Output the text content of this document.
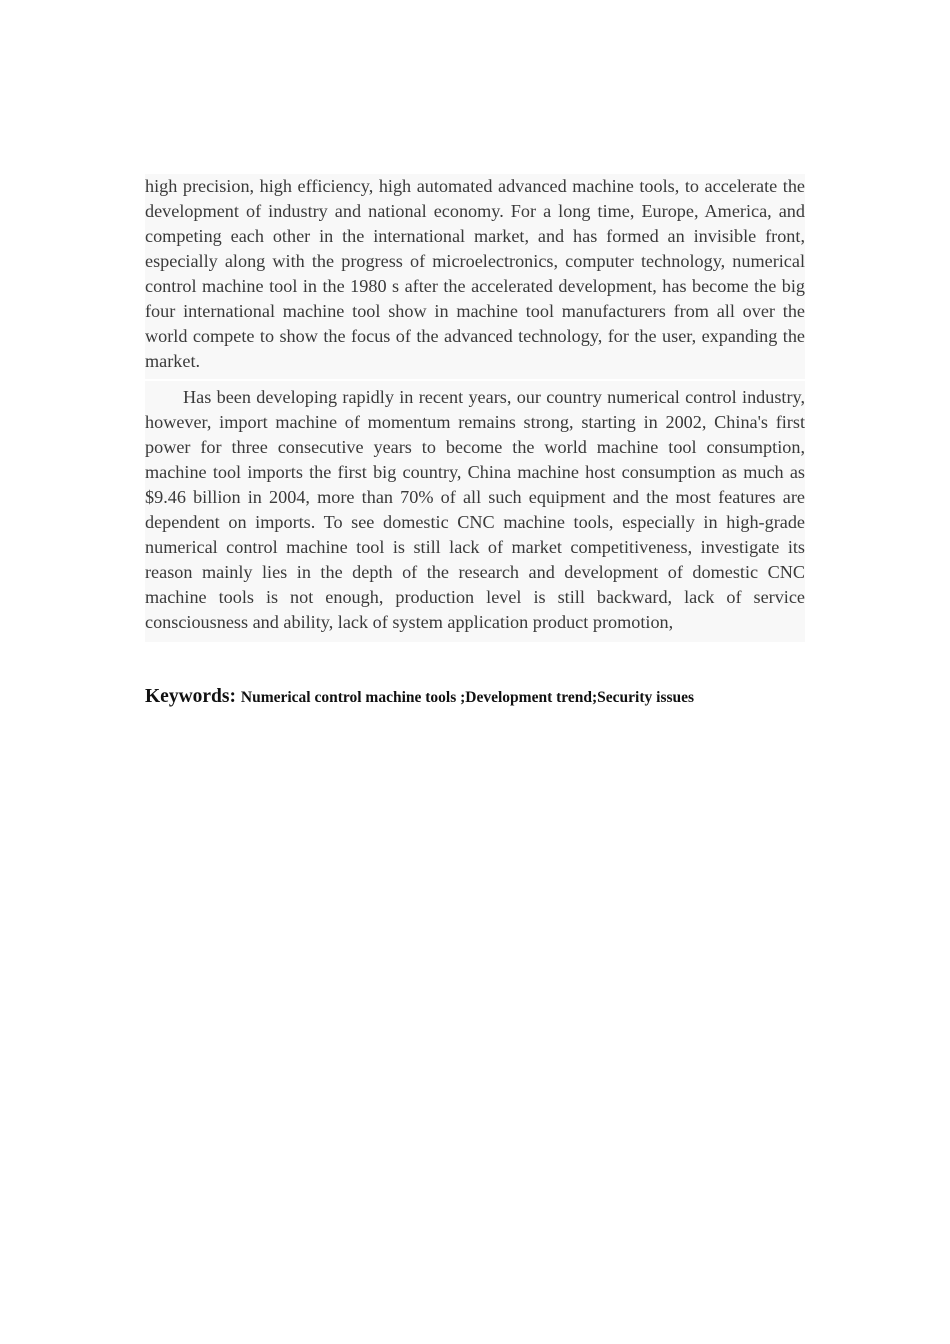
high precision, high efficiency, high automated advanced machine tools, to accelerate the development of industry and national economy. For a long time, Europe, America, and competing each other in the international market, and has formed an invisible front, especially along with the progress of microelectronics, computer technology, numerical control machine tool in the 1980 s after the accelerated development, has become the big four international machine tool show in machine tool manufacturers from all over the world compete to show the focus of the advanced technology, for the user, expanding the market.

Has been developing rapidly in recent years, our country numerical control industry, however, import machine of momentum remains strong, starting in 2002, China's first power for three consecutive years to become the world machine tool consumption, machine tool imports the first big country, China machine host consumption as much as $9.46 billion in 2004, more than 70% of all such equipment and the most features are dependent on imports. To see domestic CNC machine tools, especially in high-grade numerical control machine tool is still lack of market competitiveness, investigate its reason mainly lies in the depth of the research and development of domestic CNC machine tools is not enough, production level is still backward, lack of service consciousness and ability, lack of system application product promotion,

Keywords: Numerical control machine tools ;Development trend;Security issues
